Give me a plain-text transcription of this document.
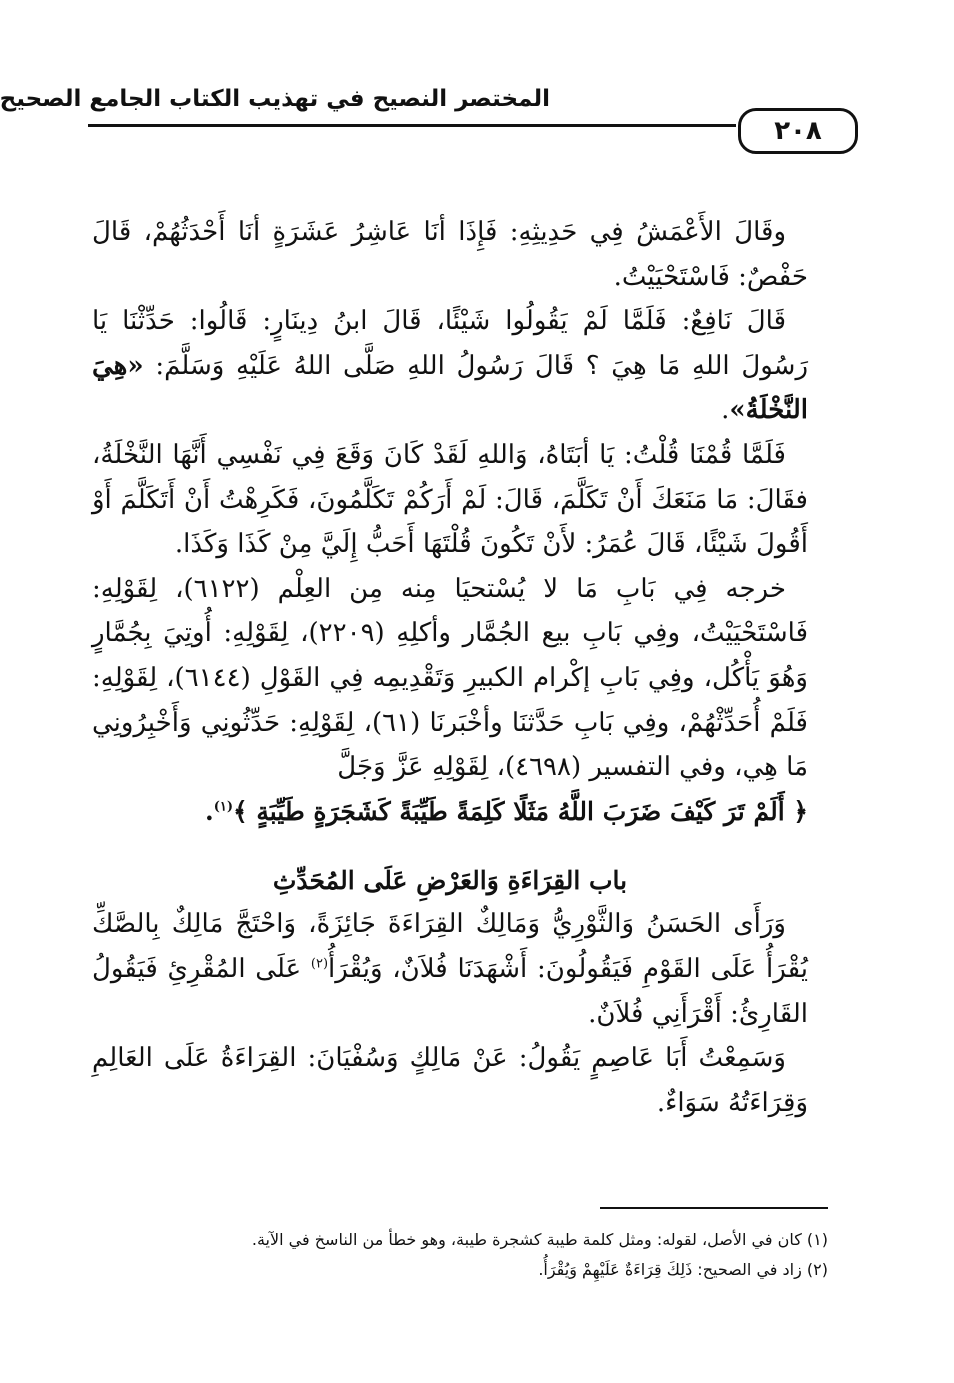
المختصر النصيح في تهذيب الكتاب الجامع الصحيح
٢٠٨

وقَالَ الأَعْمَشُ فِي حَدِيثِهِ: فَإِذَا أنَا عَاشِرُ عَشَرَةٍ أنَا أَحْدَثُهُمْ، قَالَ حَفْصٌ: فَاسْتَحْيَيْتُ.

قَالَ نَافِعٌ: فَلَمَّا لَمْ يَقُولُوا شَيْئًا، قَالَ ابنُ دِينَارٍ: قَالُوا: حَدِّثْنَا يَا رَسُولَ اللهِ مَا هِيَ ؟ قَالَ رَسُولُ اللهِ صَلَّى اللهُ عَلَيْهِ وَسَلَّمَ: «هِيَ النَّخْلَةُ».

فَلَمَّا قُمْنَا قُلْتُ: يَا أبَتَاهُ، وَاللهِ لَقَدْ كَانَ وَقَعَ فِي نَفْسِي أَنَّهَا النَّخْلَةُ، فقَالَ: مَا مَنَعَكَ أَنْ تَكَلَّمَ، قَالَ: لَمْ أَرَكُمْ تَكَلَّمُونَ، فَكَرِهْتُ أَنْ أَتَكَلَّمَ أَوْ أَقُولَ شَيْئًا، قَالَ عُمَرُ: لأَنْ تَكُونَ قُلْتَهَا أَحَبُّ إِلَيَّ مِنْ كَذَا وَكَذَا.

خرجه فِي بَابِ مَا لا يُسْتحيَا مِنه مِن العِلْم (٦١٢٢)، لِقَوْلِهِ: فَاسْتَحْيَيْتُ، وفِي بَابِ بيع الجُمَّار وأكلِهِ (٢٢٠٩)، لِقَوْلِهِ: أُوتِيَ بِجُمَّارٍ وَهُوَ يَأْكُل، وفِي بَابِ إكْرام الكبيرِ وَتَقْدِيمِه فِي القَوْلِ (٦١٤٤)، لِقَوْلِهِ: فَلَمْ أُحَدِّثْهُمْ، وفِي بَابِ حَدَّثنَا وأخْبَرنَا (٦١)، لِقَوْلِهِ: حَدِّثُونِي وَأَخْبِرُونِي مَا هِي، وفي التفسير (٤٦٩٨)، لِقَوْلِهِ عَزَّ وَجَلَّ

﴿ أَلَمْ تَرَ كَيْفَ ضَرَبَ اللَّهُ مَثَلًا كَلِمَةً طَيِّبَةً كَشَجَرَةٍ طَيِّبَةٍ ﴾$^{(١)}$.

باب القِرَاءَةِ وَالعَرْضِ عَلَى المُحَدِّثِ

وَرَأَى الحَسَنُ وَالثَّوْرِيُّ وَمَالِكٌ القِرَاءَةَ جَائِزَةً، وَاحْتَجَّ مَالِكٌ بِالصَّكِّ يُقْرَأُ عَلَى القَوْمِ فَيَقُولُونَ: أَشْهَدَنَا فُلاَنٌ، وَيُقْرَأُ$^{(٢)}$ عَلَى المُقْرِئِ فَيَقُولُ القَارِئُ: أَقْرَأَنِي فُلاَنٌ.

وَسَمِعْتُ أَبَا عَاصِمٍ يَقُولُ: عَنْ مَالِكٍ وَسُفْيَانَ: القِرَاءَةُ عَلَى العَالِمِ وَقِرَاءَتُهُ سَوَاءٌ.

(١) كان في الأصل، لقوله: ومثل كلمة طيبة كشجرة طيبة، وهو خطأ من الناسخ في الآية.

(٢) زاد في الصحيح: ذَلِكَ قِرَاءَةٌ عَلَيْهِمْ وَيُقْرَأُ.
